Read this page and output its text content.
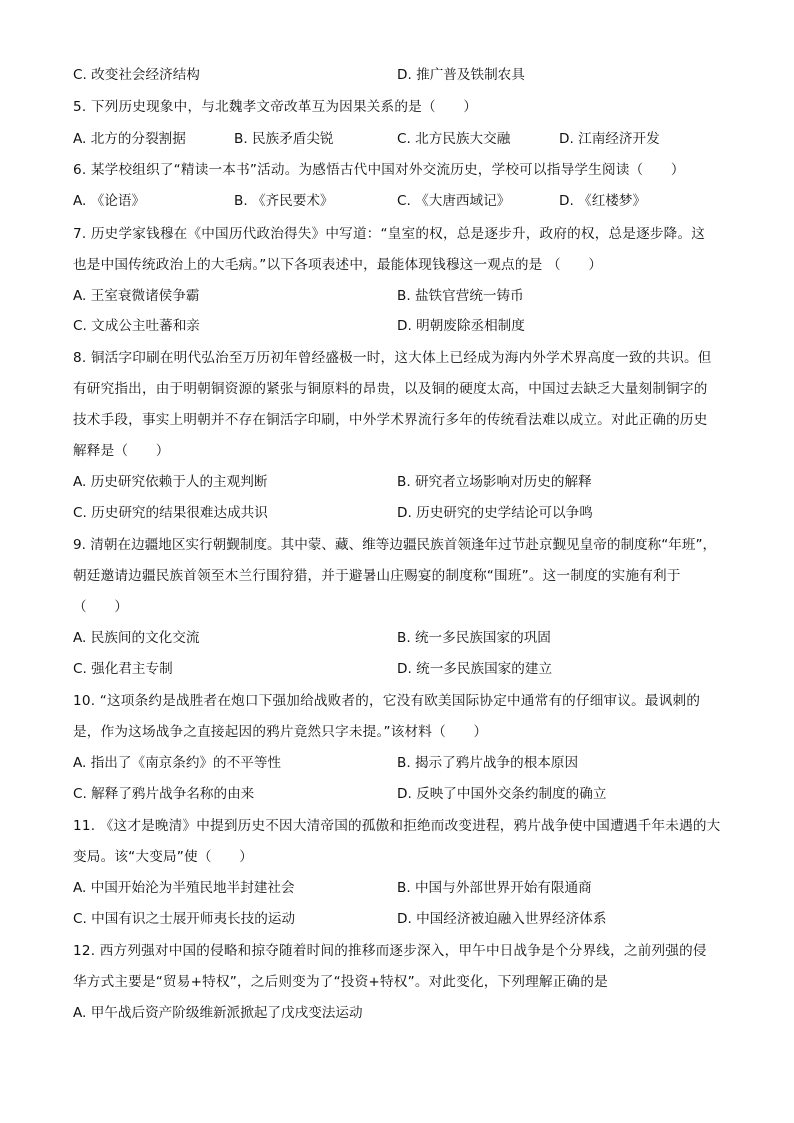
C. 改变社会经济结构	D. 推广普及铁制农具
5. 下列历史现象中，与北魏孝文帝改革互为因果关系的是（　　）
A. 北方的分裂割据	B. 民族矛盾尖锐	C. 北方民族大交融	D. 江南经济开发
6. 某学校组织了“精读一本书”活动。为感悟古代中国对外交流历史，学校可以指导学生阅读（　　）
A. 《论语》	B. 《齐民要术》	C. 《大唐西域记》	D. 《红楼梦》
7. 历史学家钱穆在《中国历代政治得失》中写道：“皇室的权，总是逐步升，政府的权，总是逐步降。这
也是中国传统政治上的大毛病。”以下各项表述中，最能体现钱穆这一观点的是 （　　）
A. 王室衰微诸侯争霸	B. 盐铁官营统一铸币
C. 文成公主吐蕃和亲	D. 明朝废除丞相制度
8. 铜活字印刷在明代弘治至万历初年曾经盛极一时，这大体上已经成为海内外学术界高度一致的共识。但
有研究指出，由于明朝铜资源的紧张与铜原料的昂贵，以及铜的硬度太高，中国过去缺乏大量刻制铜字的
技术手段，事实上明朝并不存在铜活字印刷，中外学术界流行多年的传统看法难以成立。对此正确的历史
解释是（　　）
A. 历史研究依赖于人的主观判断	B. 研究者立场影响对历史的解释
C. 历史研究的结果很难达成共识	D. 历史研究的史学结论可以争鸣
9. 清朝在边疆地区实行朝觐制度。其中蒙、藏、维等边疆民族首领逢年过节赴京觐见皇帝的制度称“年班”，
朝廷邀请边疆民族首领至木兰行围狩猎，并于避暑山庄赐宴的制度称“围班”。这一制度的实施有利于
（　　）
A. 民族间的文化交流	B. 统一多民族国家的巩固
C. 强化君主专制	D. 统一多民族国家的建立
10. “这项条约是战胜者在炮口下强加给战败者的，它没有欧美国际协定中通常有的仔细审议。最讽刺的
是，作为这场战争之直接起因的鸦片竟然只字未提。”该材料（　　）
A. 指出了《南京条约》的不平等性	B. 揭示了鸦片战争的根本原因
C. 解释了鸦片战争名称的由来	D. 反映了中国外交条约制度的确立
11. 《这才是晚清》中提到历史不因大清帝国的孤傲和拒绝而改变进程，鸦片战争使中国遭遇千年未遇的大
变局。该“大变局”使（　　）
A. 中国开始沦为半殖民地半封建社会	B. 中国与外部世界开始有限通商
C. 中国有识之士展开师夷长技的运动	D. 中国经济被迫融入世界经济体系
12. 西方列强对中国的侵略和掠夺随着时间的推移而逐步深入，甲午中日战争是个分界线，之前列强的侵
华方式主要是“贸易+特权”，之后则变为了“投资+特权”。对此变化，下列理解正确的是
A. 甲午战后资产阶级维新派掀起了戊戌变法运动
